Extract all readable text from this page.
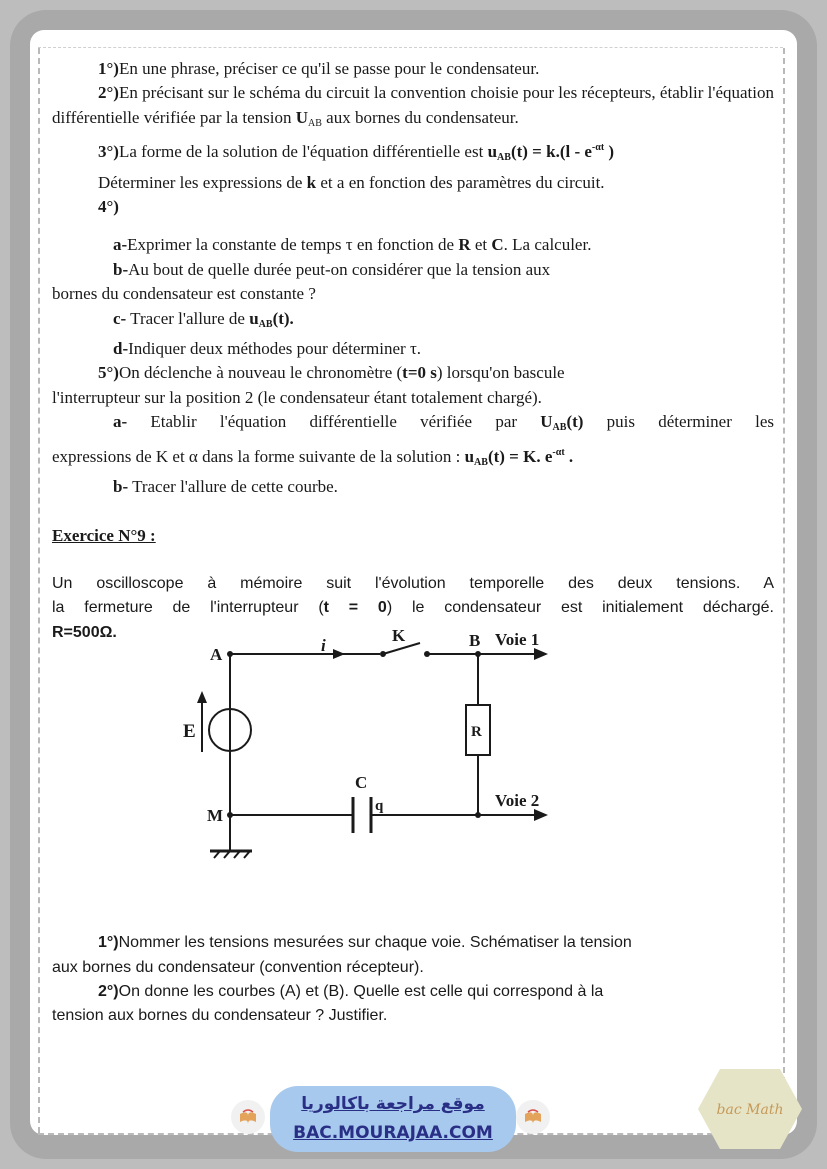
1°)En une phrase, préciser ce qu'il se passe pour le condensateur.

2°)En précisant sur le schéma du circuit la convention choisie pour les récepteurs, établir l'équation différentielle vérifiée par la tension $U_{AB}$ aux bornes du condensateur.

3°)La forme de la solution de l'équation différentielle est $u_{AB}(t) = k.(l - e^{-\alpha t}$ )

Déterminer les expressions de k et a en fonction des paramètres du circuit.

4°)

a-Exprimer la constante de temps τ en fonction de R et C. La calculer.

b-Au bout de quelle durée peut-on considérer que la tension aux

bornes du condensateur est constante ?

c- Tracer l'allure de $u_{AB}(t)$.

d-Indiquer deux méthodes pour déterminer τ.

5°)On déclenche à nouveau le chronomètre (t=0 s) lorsqu'on bascule

l'interrupteur sur la position 2 (le condensateur étant totalement chargé).

a- Etablir l'équation différentielle vérifiée par $U_{AB}(t)$ puis déterminer les

expressions de K et α dans la forme suivante de la solution : $u_{AB}(t) = K$. $e^{-\alpha t}$ .

b- Tracer l'allure de cette courbe.

Exercice N°9 :

Un oscilloscope à mémoire suit l'évolution temporelle des deux tensions. A

la fermeture de l'interrupteur (t = 0) le condensateur est initialement déchargé.

R=500Ω.

1°)Nommer les tensions mesurées sur chaque voie. Schématiser la tension

aux bornes du condensateur (convention récepteur).

2°)On donne les courbes (A) et (B). Quelle est celle qui correspond à la

tension aux bornes du condensateur ? Justifier.

A	i
K	B Voie 1
E	R
C
q
M
Voie 2
موقع مراجعة باكالوريا
BAC.MOURAJAA.COM
bac Math
